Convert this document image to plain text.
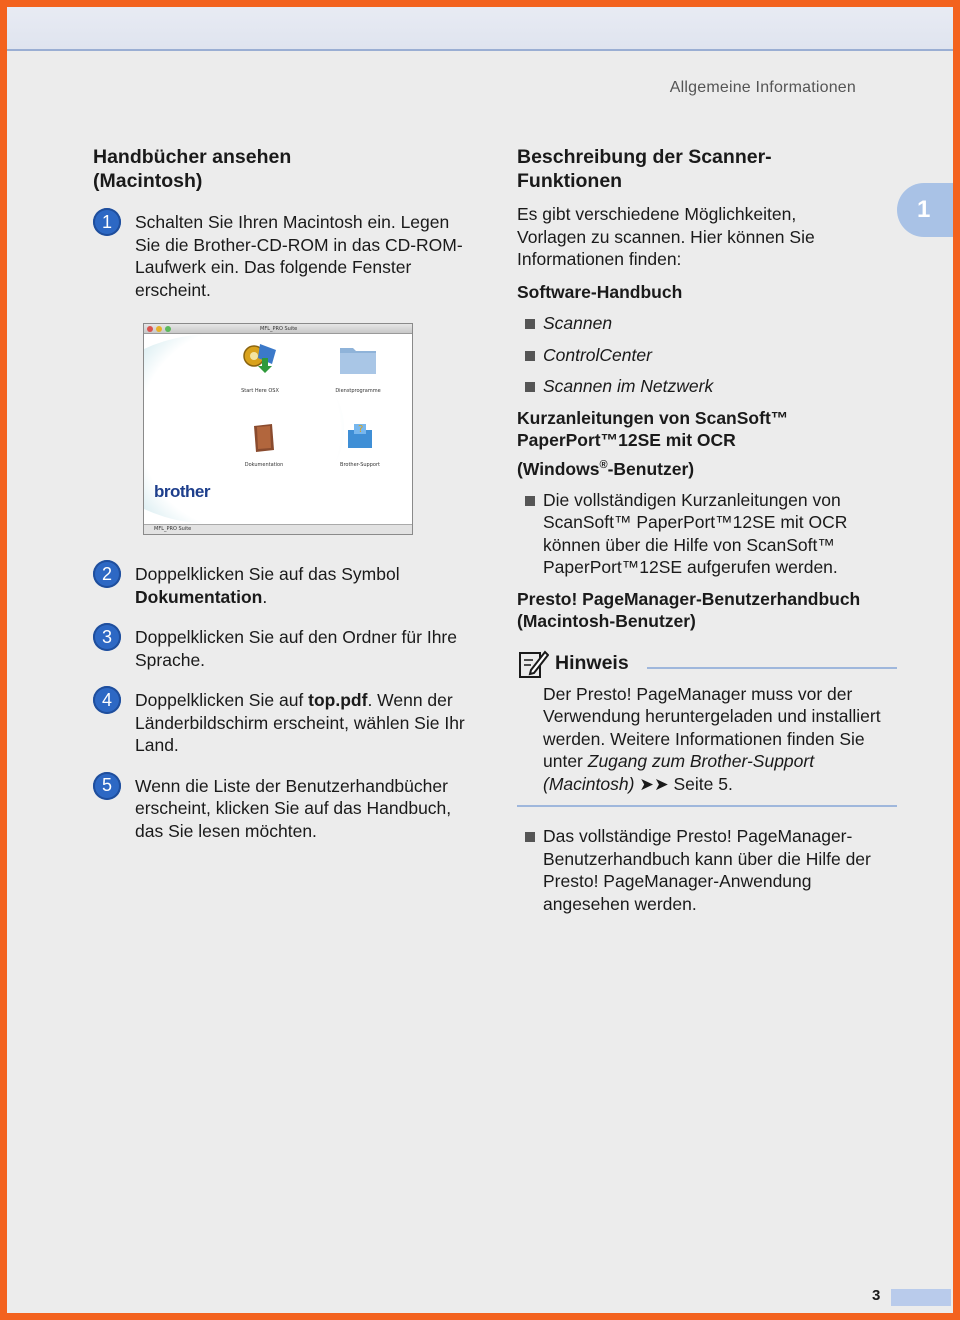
Allgemeine Informationen
1
Handbücher ansehen (Macintosh)
1	Schalten Sie Ihren Macintosh ein. Legen Sie die Brother-CD-ROM in das CD-ROM-Laufwerk ein. Das folgende Fenster erscheint.
MFL_PRO Suite
Start Here OSX	Dienstprogramme
Dokumentation
?
Brother-Support
brother
MFL_PRO Suite
2	Doppelklicken Sie auf das Symbol Dokumentation.
3	Doppelklicken Sie auf den Ordner für Ihre Sprache.
4	Doppelklicken Sie auf top.pdf. Wenn der Länderbildschirm erscheint, wählen Sie Ihr Land.
5	Wenn die Liste der Benutzerhandbücher erscheint, klicken Sie auf das Handbuch, das Sie lesen möchten.
Beschreibung der Scanner-Funktionen

Es gibt verschiedene Möglichkeiten, Vorlagen zu scannen. Hier können Sie Informationen finden:

Software-Handbuch

Scannen
ControlCenter
Scannen im Netzwerk

Kurzanleitungen von ScanSoft™ PaperPort™12SE mit OCR

(Windows®-Benutzer)

Die vollständigen Kurzanleitungen von ScanSoft™ PaperPort™12SE mit OCR können über die Hilfe von ScanSoft™ PaperPort™12SE aufgerufen werden.

Presto! PageManager-Benutzerhandbuch (Macintosh-Benutzer)

Hinweis

Der Presto! PageManager muss vor der Verwendung heruntergeladen und installiert werden. Weitere Informationen finden Sie unter Zugang zum Brother-Support (Macintosh) ➤➤ Seite 5.

Das vollständige Presto! PageManager-Benutzerhandbuch kann über die Hilfe der Presto! PageManager-Anwendung angesehen werden.
3
